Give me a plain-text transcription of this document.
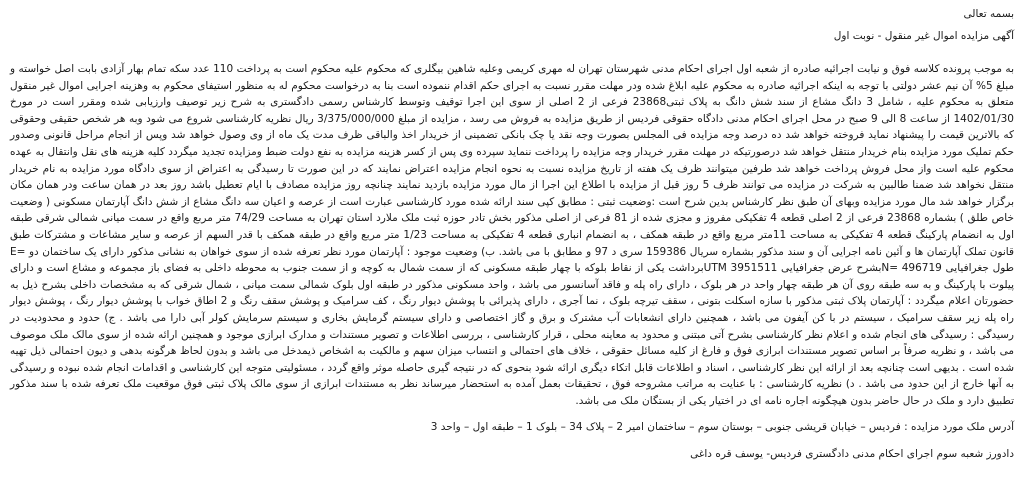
بسمه تعالی

آگهی مزایده اموال غیر منقول - نوبت اول

به موجب پرونده کلاسه فوق و نیابت اجرائیه صادره از شعبه اول اجرای احکام مدنی شهرستان تهران له مهری کریمی وعلیه شاهین بیگلری که محکوم علیه محکوم است به پرداخت 110 عدد سکه تمام بهار آزادی بابت اصل خواسته و مبلغ 5% آن نیم عشر دولتی با توجه به اینکه اجرائیه صادره به محکوم علیه ابلاغ شده ودر مهلت مقرر نسبت به اجرای حکم اقدام ننموده است بنا به درخواست محکوم له به منظور استیفای محکوم به وهزینه اجرایی اموال غیر منقول متعلق به محکوم علیه ، شامل 3 دانگ مشاع از سند شش دانگ به پلاک ثبتی23868 فرعی از 2 اصلی از سوی این اجرا توقیف وتوسط کارشناس رسمی دادگستری به شرح زیر توصیف وارزیابی شده ومقرر است در مورخ 1402/01/30 از ساعت 8 الی 9 صبح در محل اجرای احکام مدنی دادگاه حقوقی فردیس از طریق مزایده به فروش می رسد ، مزایده از مبلغ 3/375/000/000 ریال نظریه کارشناسی شروع می شود وبه هر شخص حقیقی وحقوقی که بالاترین قیمت را پیشنهاد نماید فروخته خواهد شد ده درصد وجه مزایده فی المجلس بصورت وجه نقد یا چک بانکی تضمینی از خریدار اخذ والباقی ظرف مدت یک ماه از وی وصول خواهد شد وپس از انجام مراحل قانونی وصدور حکم تملیک مورد مزایده بنام خریدار منتقل خواهد شد درصورتیکه در مهلت مقرر خریدار وجه مزایده را پرداخت ننماید سپرده وی پس از کسر هزینه مزایده به نفع دولت ضبط ومزایده تجدید میگردد کلیه هزینه های نقل وانتقال به عهده محکوم علیه است واز محل فروش پرداخت خواهد شد طرفین میتوانند ظرف یک هفته از تاریخ مزایده نسبت به نحوه انجام مزایده اعتراض نمایند که در این صورت تا رسیدگی به اعتراض از سوی دادگاه مورد مزایده به نام خریدار منتقل نخواهد شد ضمنا طالبین به شرکت در مزایده می توانند ظرف 5 روز قبل از مزایده با اطلاع این اجرا از مال مورد مزایده بازدید نمایند چنانچه روز مزایده مصادف با ایام تعطیل باشد روز بعد در همان ساعت ودر همان مکان برگزار خواهد شد مال مورد مزایده وبهای آن طبق نظر کارشناس بدین شرح است :وضعیت ثبتی : مطابق کپی سند ارائه شده مورد کارشناسی عبارت است از عرصه و اعیان سه دانگ مشاع از شش دانگ آپارتمان مسکونی ( وضعیت خاص طلق ) بشماره 23868 فرعی از 2 اصلی قطعه 4 تفکیکی مفروز و مجزی شده از 81 فرعی از اصلی مذکور بخش تادر حوزه ثبت ملک ملارد استان تهران به مساحت 74/29 متر مربع واقع در سمت میانی شمالی شرقی طبقه اول به انضمام پارکینگ قطعه 4 تفکیکی به مساحت 11متر مربع واقع در طبقه همکف ، به انضمام انباری قطعه 4 تفکیکی به مساحت 1/23 متر مربع واقع در طبقه همکف با قدر السهم از عرصه و سایر مشاعات و مشترکات طبق قانون تملک آپارتمان ها و آئین نامه اجرایی آن و سند مذکور بشماره سریال 159386 سری د 97 و مطابق با می باشد. ب) وضعیت موجود : آپارتمان مورد نظر تعرفه شده از سوی خواهان به نشانی مذکور دارای یک ساختمان دو =E طول جغرافیایی 496719 =Nبشرح عرض جغرافیایی 3951511 UTMبرداشت یکی از نقاط بلوکه با چهار طبقه مسکونی که از سمت شمال به کوچه و از سمت جنوب به محوطه داخلی به فضای باز مجموعه و مشاع است و دارای پیلوت با پارکینگ و به سه طبقه روی آن هر طبقه چهار واحد در هر بلوک ، دارای راه پله و فاقد آسانسور می باشد ، واحد مسکونی مذکور در طبقه اول بلوک شمالی سمت میانی ، شمال شرقی که به مشخصات داخلی بشرح ذیل به حضورتان اعلام میگردد : آپارتمان پلاک ثبتی مذکور با سازه اسکلت بتونی ، سقف تیرچه بلوک ، نما آجری ، دارای پذیرائی با پوشش دیوار رنگ ، کف سرامیک و پوشش سقف رنگ و 2 اطاق خواب با پوشش دیوار رنگ ، پوشش دیوار راه پله زیر سقف سرامیک ، سیستم در با کن آیفون می باشد ، همچنین دارای انشعابات آب مشترک و برق و گاز اختصاصی و دارای سیستم گرمایش بخاری و سیستم سرمایش کولر آبی دارا می باشد . ج) حدود و محدودیت در رسیدگی : رسیدگی های انجام شده و اعلام نظر کارشناسی بشرح آتی مبتنی و محدود به معاینه محلی ، قرار کارشناسی ، بررسی اطلاعات و تصویر مستندات و مدارک ابرازی موجود و همچنین ارائه شده از سوی مالک ملک موصوف می باشد ، و نظریه صرفاً بر اساس تصویر مستندات ابرازی فوق و فارغ از کلیه مسائل حقوقی ، خلاف های احتمالی و انتساب میزان سهم و مالکیت به اشخاص ذیمدخل می باشد و بدون لحاظ هرگونه بدهی و دیون احتمالی ذیل تهیه شده است . بدیهی است چنانچه بعد از ارائه این نظر کارشناسی ، اسناد و اطلاعات قابل اتکاء دیگری ارائه شود بنحوی که در نتیجه گیری حاصله موثر واقع گردد ، مسئولیتی متوجه این کارشناسی و اقدامات انجام شده نبوده و رسیدگی به آنها خارج از این حدود می باشد . د) نظریه کارشناسی : با عنایت به مراتب مشروحه فوق ، تحقیقات بعمل آمده به استحضار میرساند نظر به مستندات ابرازی از سوی مالک پلاک ثبتی فوق موقعیت ملک تعرفه شده با سند مذکور تطبیق دارد و ملک در حال حاضر بدون هیچگونه اجاره نامه ای در اختیار یکی از بستگان ملک می باشد.

آدرس ملک مورد مزایده : فردیس – خیابان قریشی جنوبی – بوستان سوم – ساختمان امیر 2 – پلاک 34 – بلوک 1 – طبقه اول – واحد 3

دادورز شعبه سوم اجرای احکام مدنی دادگستری فردیس- یوسف قره داغی
